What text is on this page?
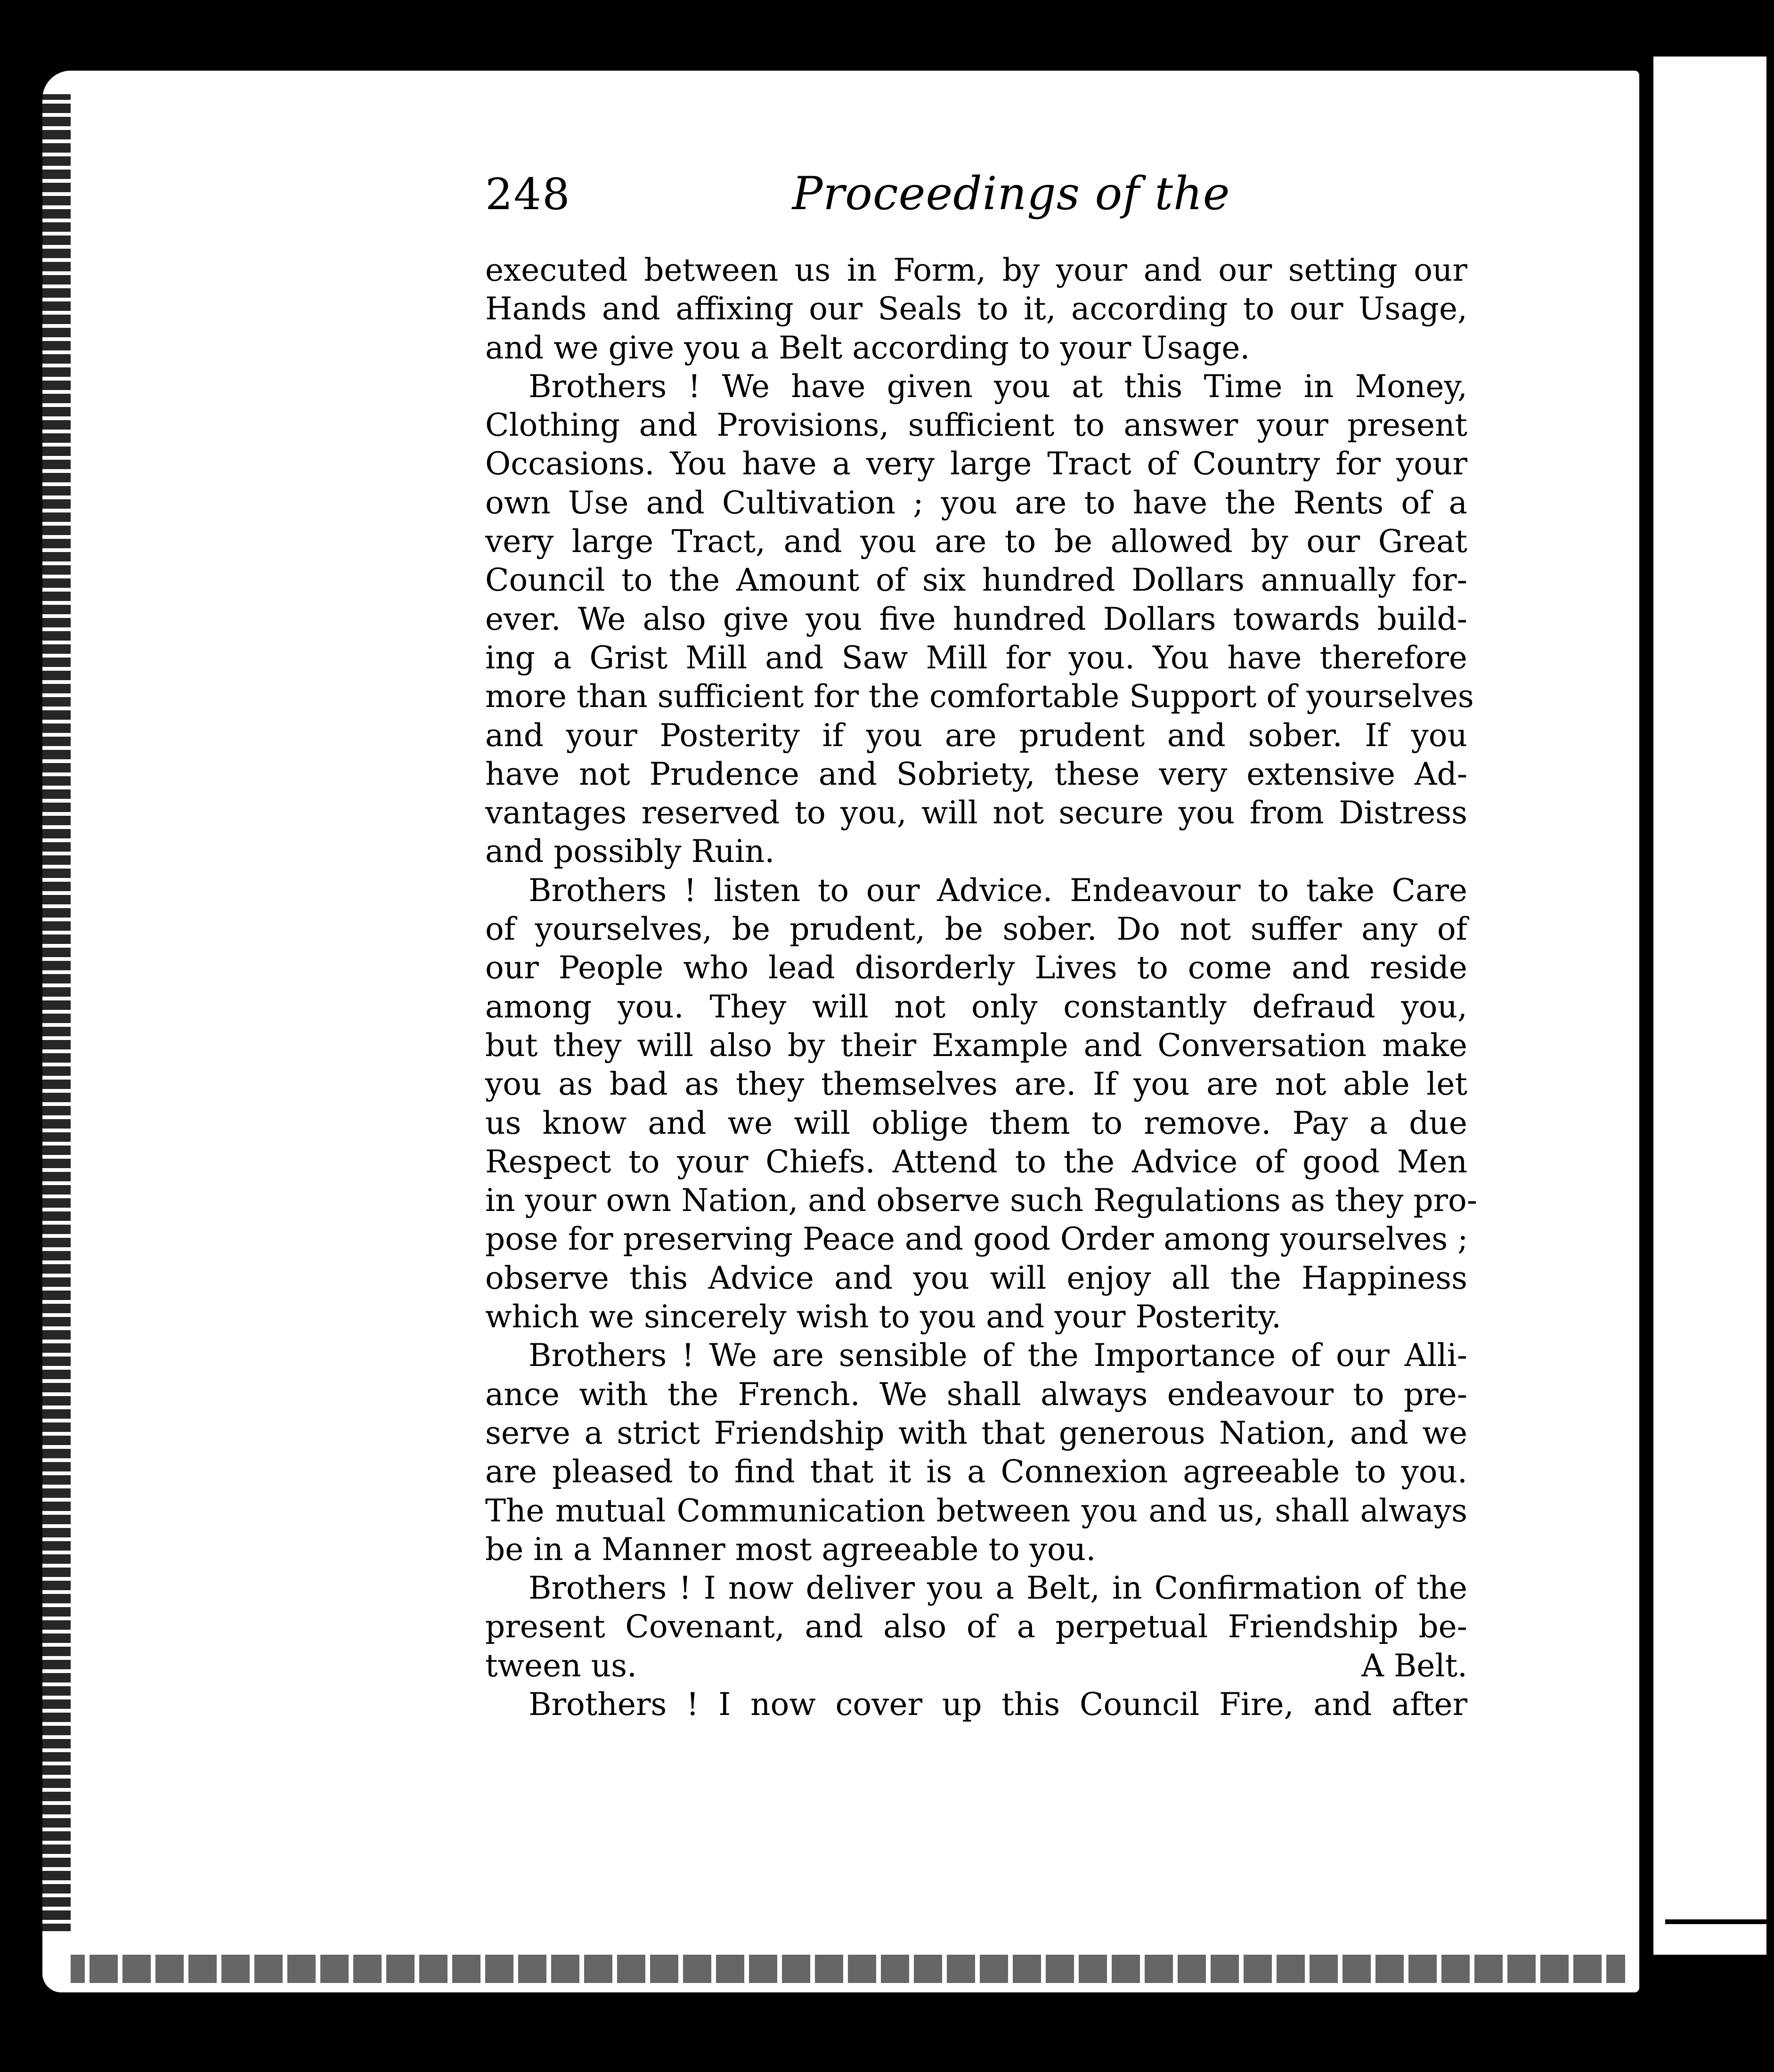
248	Proceedings of the
executed between us in Form, by your and our setting our
Hands and affixing our Seals to it, according to our Usage,
and we give you a Belt according to your Usage.
Brothers ! We have given you at this Time in Money,
Clothing and Provisions, sufficient to answer your present
Occasions. You have a very large Tract of Country for your
own Use and Cultivation ; you are to have the Rents of a
very large Tract, and you are to be allowed by our Great
Council to the Amount of six hundred Dollars annually for-
ever. We also give you five hundred Dollars towards build-
ing a Grist Mill and Saw Mill for you. You have therefore
more than sufficient for the comfortable Support of yourselves
and your Posterity if you are prudent and sober. If you
have not Prudence and Sobriety, these very extensive Ad-
vantages reserved to you, will not secure you from Distress
and possibly Ruin.
Brothers ! listen to our Advice. Endeavour to take Care
of yourselves, be prudent, be sober. Do not suffer any of
our People who lead disorderly Lives to come and reside
among you. They will not only constantly defraud you,
but they will also by their Example and Conversation make
you as bad as they themselves are. If you are not able let
us know and we will oblige them to remove. Pay a due
Respect to your Chiefs. Attend to the Advice of good Men
in your own Nation, and observe such Regulations as they pro-
pose for preserving Peace and good Order among yourselves ;
observe this Advice and you will enjoy all the Happiness
which we sincerely wish to you and your Posterity.
Brothers ! We are sensible of the Importance of our Alli-
ance with the French. We shall always endeavour to pre-
serve a strict Friendship with that generous Nation, and we
are pleased to find that it is a Connexion agreeable to you.
The mutual Communication between you and us, shall always
be in a Manner most agreeable to you.
Brothers ! I now deliver you a Belt, in Confirmation of the
present Covenant, and also of a perpetual Friendship be-
tween us.	A Belt.
Brothers ! I now cover up this Council Fire, and after
